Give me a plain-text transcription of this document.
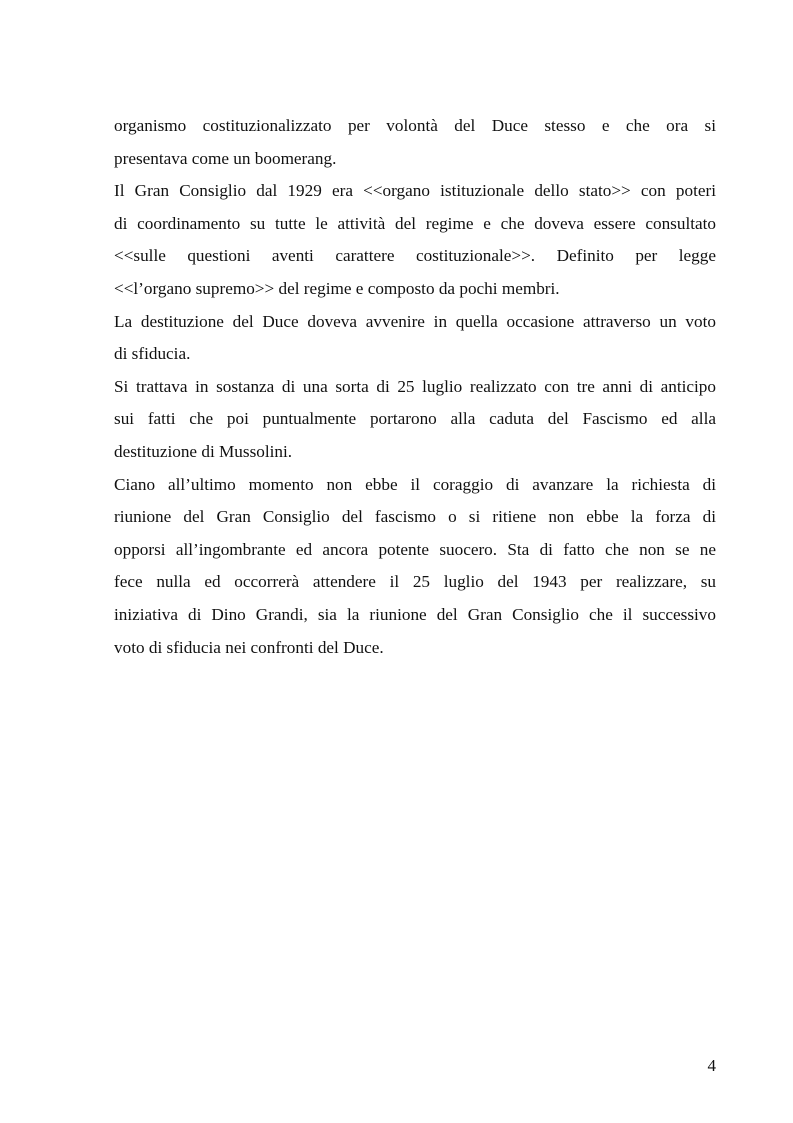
organismo costituzionalizzato per volontà del Duce stesso e che ora si
presentava come un boomerang.
Il Gran Consiglio dal 1929 era <<organo istituzionale dello stato>> con poteri
di coordinamento su tutte le attività del regime e che doveva essere consultato
<<sulle questioni aventi carattere costituzionale>>. Definito per legge
<<l’organo supremo>> del regime e composto da pochi membri.
La destituzione del Duce doveva avvenire in quella occasione attraverso un voto
di sfiducia.
Si trattava in sostanza di una sorta di 25 luglio realizzato con tre anni di anticipo
sui fatti che poi puntualmente portarono alla caduta del Fascismo ed alla
destituzione di Mussolini.
Ciano all’ultimo momento non ebbe il coraggio di avanzare la richiesta di
riunione del Gran Consiglio del fascismo o si ritiene non ebbe la forza di
opporsi all’ingombrante ed ancora potente suocero. Sta di fatto che non se ne
fece nulla ed occorrerà attendere il 25 luglio del 1943 per realizzare, su
iniziativa di Dino Grandi, sia la riunione del Gran Consiglio che il successivo
voto di sfiducia nei confronti del Duce.
4
